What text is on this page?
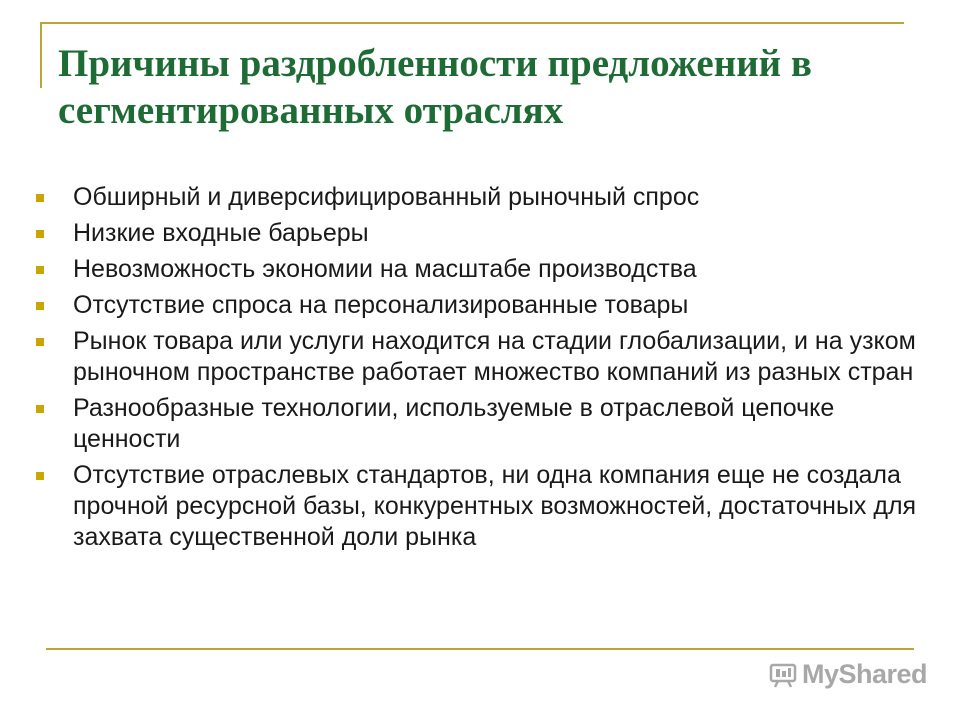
Причины раздробленности предложений в сегментированных отраслях
Обширный и диверсифицированный рыночный спрос
Низкие входные барьеры
Невозможность экономии на масштабе производства
Отсутствие спроса на персонализированные товары
Рынок товара или услуги находится на стадии глобализации, и на узком рыночном пространстве работает множество компаний из разных стран
Разнообразные технологии, используемые в отраслевой цепочке ценности
Отсутствие отраслевых стандартов, ни одна компания еще не создала прочной ресурсной базы, конкурентных возможностей, достаточных для захвата существенной доли рынка
MyShared
